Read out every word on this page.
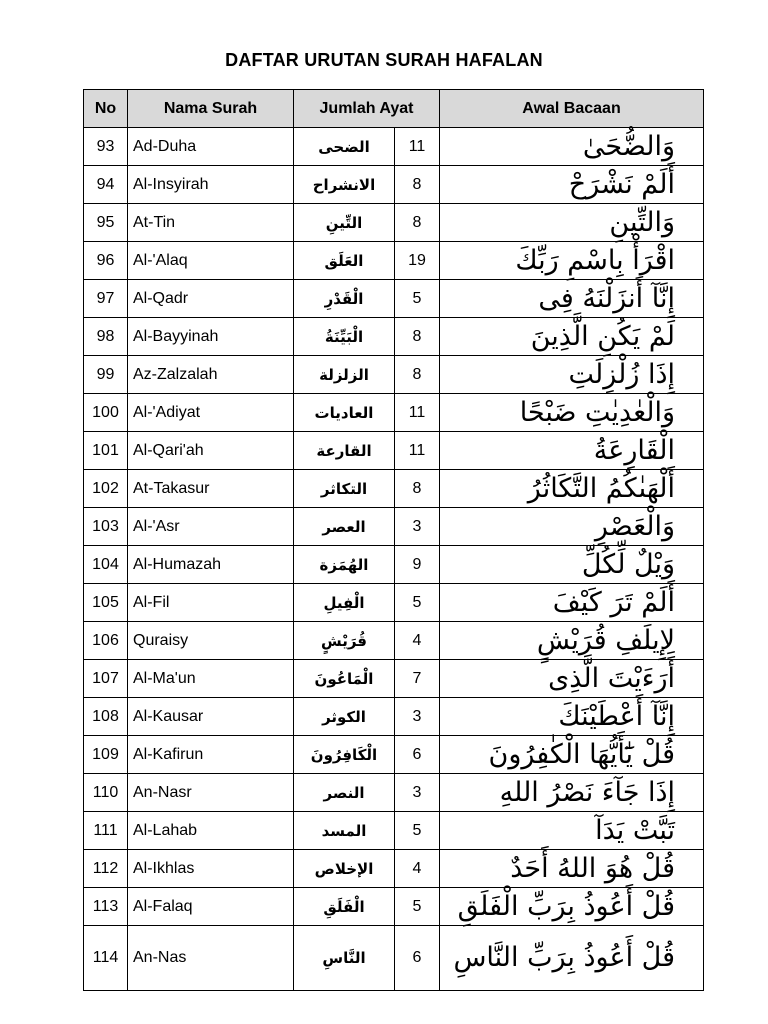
DAFTAR URUTAN SURAH HAFALAN
No	Nama Surah	Jumlah Ayat		Awal Bacaan
93	Ad-Duha	الضحى	11	وَالضُّحَىٰ
94	Al-Insyirah	الانشراح	8	أَلَمْ نَشْرَحْ
95	At-Tin	التِّينِ	8	وَالتِّينِ
96	Al-'Alaq	العَلَق	19	اقْرَأْ بِاسْمِ رَبِّكَ
97	Al-Qadr	الْقَدْرِ	5	إِنَّآ أَنزَلْنَهُ فِى
98	Al-Bayyinah	الْبَيِّنَةُ	8	لَمْ يَكُنِ الَّذِينَ
99	Az-Zalzalah	الزلزلة	8	إِذَا زُلْزِلَتِ
100	Al-'Adiyat	العاديات	11	وَالْعٰدِيٰتِ ضَبْحًا
101	Al-Qari'ah	القارعة	11	الْقَارِعَةُ
102	At-Takasur	التكاثر	8	أَلْهَىٰكُمُ التَّكَاثُرُ
103	Al-'Asr	العصر	3	وَالْعَصْرِ
104	Al-Humazah	الهُمَزة	9	وَيْلٌ لِّكُلِّ
105	Al-Fil	الْفِيلِ	5	أَلَمْ تَرَ كَيْفَ
106	Quraisy	قُرَيْشٍ	4	لِإِيلَفِ قُرَيْشٍ
107	Al-Ma'un	الْمَاعُونَ	7	أَرَءَيْتَ الَّذِى
108	Al-Kausar	الكوثر	3	إِنَّآ أَعْطَيْنَكَ
109	Al-Kafirun	الْكَافِرُونَ	6	قُلْ يَٰٓأَيُّهَا الْكٰفِرُونَ
110	An-Nasr	النصر	3	إِذَا جَآءَ نَصْرُ اللهِ
111	Al-Lahab	المسد	5	تَبَّتْ يَدَآ
112	Al-Ikhlas	الإخلاص	4	قُلْ هُوَ اللهُ أَحَدٌ
113	Al-Falaq	الْفَلَقِ	5	قُلْ أَعُوذُ بِرَبِّ الْفَلَقِ
114	An-Nas	النَّاسِ	6	قُلْ أَعُوذُ بِرَبِّ النَّاسِ
